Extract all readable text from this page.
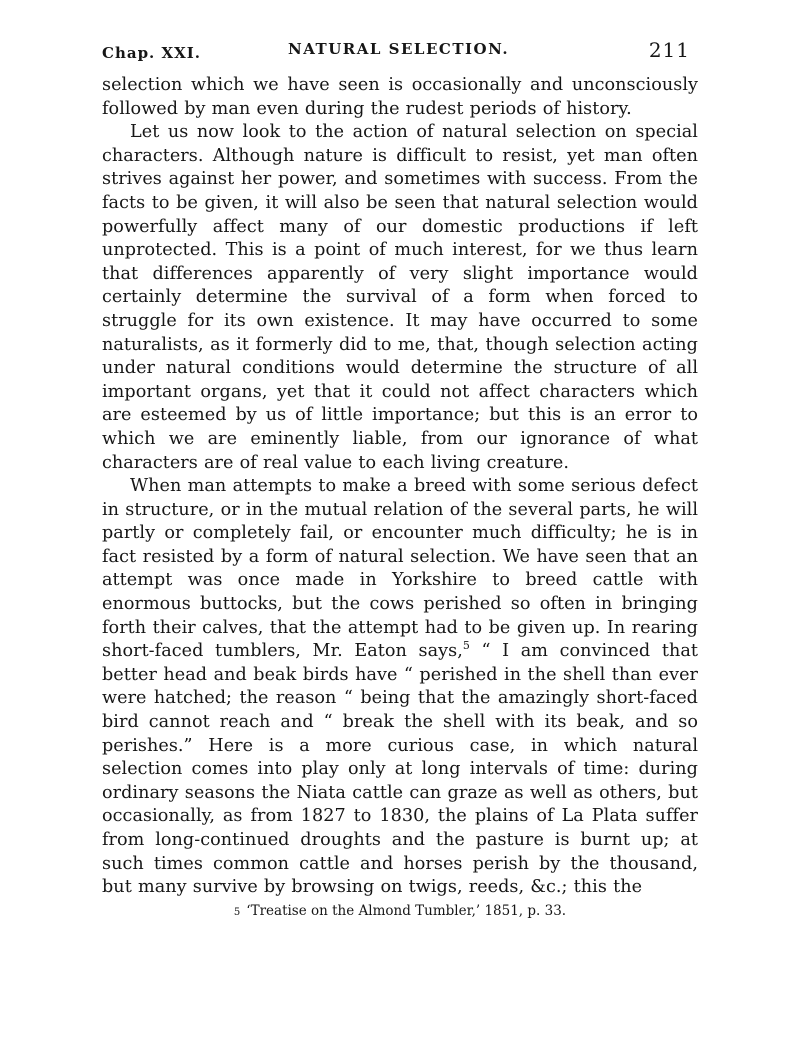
Chap. XXI.	NATURAL SELECTION.	211

selection which we have seen is occasionally and unconsciously followed by man even during the rudest periods of history.

Let us now look to the action of natural selection on special characters. Although nature is difficult to resist, yet man often strives against her power, and sometimes with success. From the facts to be given, it will also be seen that natural selection would powerfully affect many of our domestic productions if left unprotected. This is a point of much interest, for we thus learn that differences apparently of very slight importance would certainly determine the survival of a form when forced to struggle for its own existence. It may have occurred to some naturalists, as it formerly did to me, that, though selection acting under natural conditions would determine the structure of all important organs, yet that it could not affect characters which are esteemed by us of little importance; but this is an error to which we are eminently liable, from our ignorance of what characters are of real value to each living creature.

When man attempts to make a breed with some serious defect in structure, or in the mutual relation of the several parts, he will partly or completely fail, or encounter much difficulty; he is in fact resisted by a form of natural selection. We have seen that an attempt was once made in Yorkshire to breed cattle with enormous buttocks, but the cows perished so often in bringing forth their calves, that the attempt had to be given up. In rearing short-faced tumblers, Mr. Eaton says,$^5$ “ I am convinced that better head and beak birds have “ perished in the shell than ever were hatched; the reason “ being that the amazingly short-faced bird cannot reach and “ break the shell with its beak, and so perishes.” Here is a more curious case, in which natural selection comes into play only at long intervals of time: during ordinary seasons the Niata cattle can graze as well as others, but occasionally, as from 1827 to 1830, the plains of La Plata suffer from long-continued droughts and the pasture is burnt up; at such times common cattle and horses perish by the thousand, but many survive by browsing on twigs, reeds, &c.; this the

5 ‘Treatise on the Almond Tumbler,’ 1851, p. 33.
